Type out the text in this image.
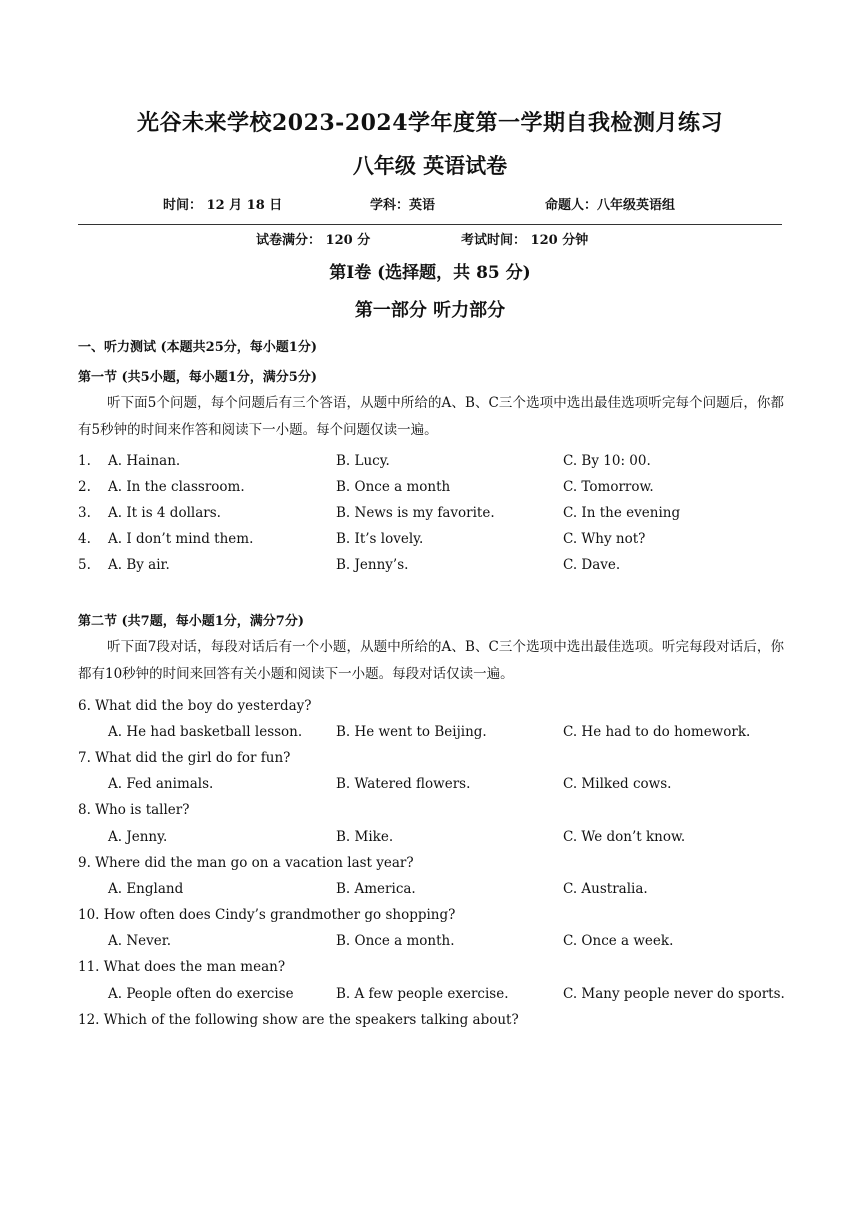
光谷未来学校2023-2024学年度第一学期自我检测月练习
八年级 英语试卷
时间： 12 月 18 日	学科：英语	命题人：八年级英语组
试卷满分： 120 分	考试时间： 120 分钟
第Ⅰ卷 (选择题，共 85 分)
第一部分 听力部分
一、听力测试 (本题共25分，每小题1分)
第一节 (共5小题，每小题1分，满分5分)
听下面5个问题，每个问题后有三个答语，从题中所给的A、B、C三个选项中选出最佳选项听完每个问题后，你都有5秒钟的时间来作答和阅读下一小题。每个问题仅读一遍。
1. A. Hainan.	B. Lucy.	C. By 10: 00.
2. A. In the classroom.	B. Once a month	C. Tomorrow.
3. A. It is 4 dollars.	B. News is my favorite.	C. In the evening
4. A. I don’t mind them.	B. It’s lovely.	C. Why not?
5. A. By air.	B. Jenny’s.	C. Dave.
第二节 (共7题，每小题1分，满分7分)
听下面7段对话，每段对话后有一个小题，从题中所给的A、B、C三个选项中选出最佳选项。听完每段对话后，你都有10秒钟的时间来回答有关小题和阅读下一小题。每段对话仅读一遍。
6. What did the boy do yesterday?
A. He had basketball lesson.	B. He went to Beijing.	C. He had to do homework.
7. What did the girl do for fun?
A. Fed animals.	B. Watered flowers.	C. Milked cows.
8. Who is taller?
A. Jenny.	B. Mike.	C. We don’t know.
9. Where did the man go on a vacation last year?
A. England	B. America.	C. Australia.
10. How often does Cindy’s grandmother go shopping?
A. Never.	B. Once a month.	C. Once a week.
11. What does the man mean?
A. People often do exercise	B. A few people exercise.	C. Many people never do sports.
12. Which of the following show are the speakers talking about?
